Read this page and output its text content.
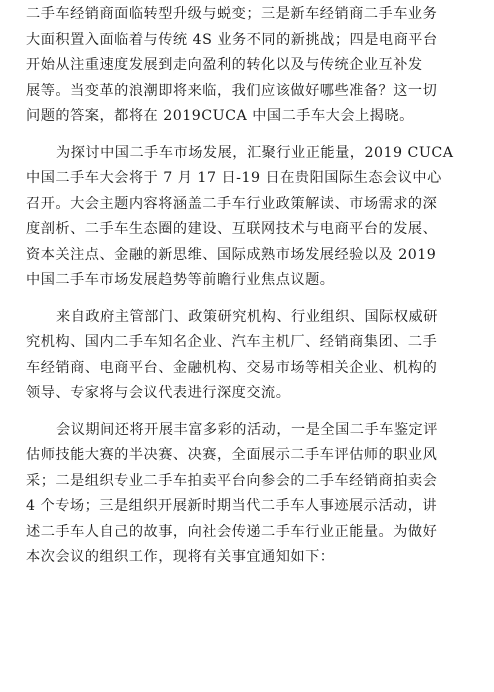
二手车经销商面临转型升级与蜕变；三是新车经销商二手车业务
大面积置入面临着与传统 4S 业务不同的新挑战；四是电商平台
开始从注重速度发展到走向盈利的转化以及与传统企业互补发
展等。当变革的浪潮即将来临，我们应该做好哪些准备？这一切
问题的答案，都将在 2019CUCA 中国二手车大会上揭晓。
为探讨中国二手车市场发展，汇聚行业正能量，2019 CUCA
中国二手车大会将于 7 月 17 日-19 日在贵阳国际生态会议中心
召开。大会主题内容将涵盖二手车行业政策解读、市场需求的深
度剖析、二手车生态圈的建设、互联网技术与电商平台的发展、
资本关注点、金融的新思维、国际成熟市场发展经验以及 2019
中国二手车市场发展趋势等前瞻行业焦点议题。
来自政府主管部门、政策研究机构、行业组织、国际权威研
究机构、国内二手车知名企业、汽车主机厂、经销商集团、二手
车经销商、电商平台、金融机构、交易市场等相关企业、机构的
领导、专家将与会议代表进行深度交流。
会议期间还将开展丰富多彩的活动，一是全国二手车鉴定评
估师技能大赛的半决赛、决赛，全面展示二手车评估师的职业风
采；二是组织专业二手车拍卖平台向参会的二手车经销商拍卖会
4 个专场；三是组织开展新时期当代二手车人事迹展示活动，讲
述二手车人自己的故事，向社会传递二手车行业正能量。为做好
本次会议的组织工作，现将有关事宜通知如下：
